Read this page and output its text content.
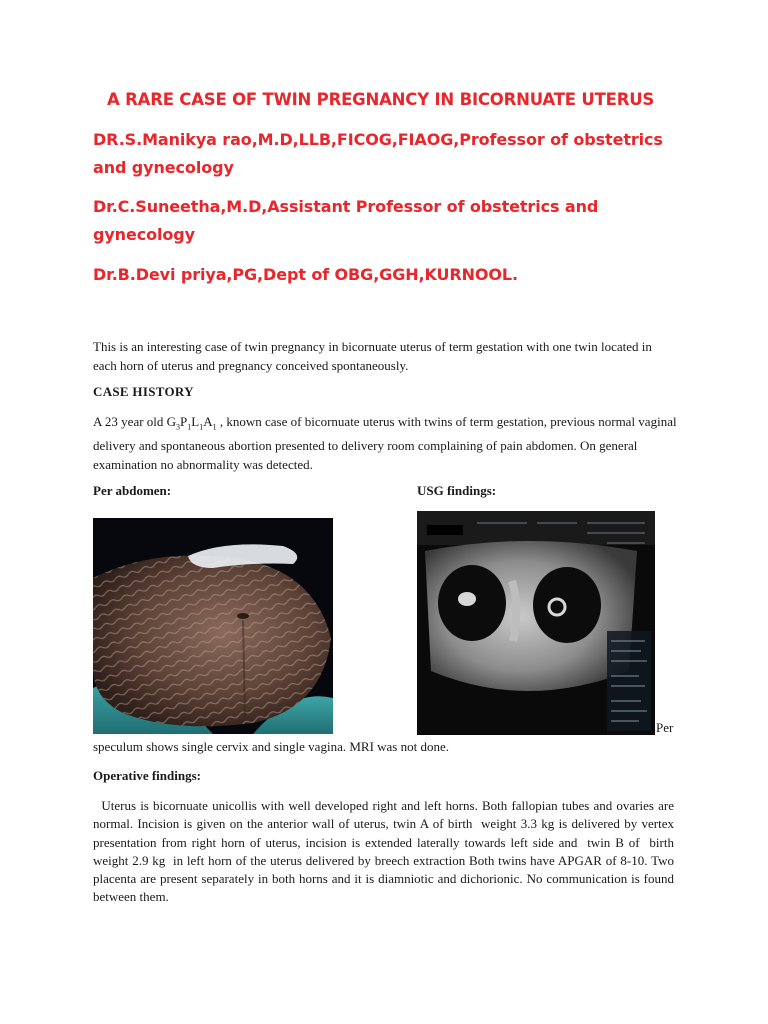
A RARE CASE OF TWIN PREGNANCY IN BICORNUATE UTERUS

DR.S.Manikya rao,M.D,LLB,FICOG,FIAOG,Professor of obstetrics and gynecology

Dr.C.Suneetha,M.D,Assistant Professor of obstetrics and gynecology

Dr.B.Devi priya,PG,Dept of OBG,GGH,KURNOOL.

This is an interesting case of twin pregnancy in bicornuate uterus of term gestation with one twin located in each horn of uterus and pregnancy conceived spontaneously.

CASE HISTORY

A 23 year old $G_3P_1L_1A_1$ , known case of bicornuate uterus with twins of term gestation, previous normal vaginal delivery and spontaneous abortion presented to delivery room complaining of pain abdomen. On general examination no abnormality was detected.

Per abdomen:	USG findings:
Per

speculum shows single cervix and single vagina. MRI was not done.

Operative findings:

Uterus is bicornuate unicollis with well developed right and left horns. Both fallopian tubes and ovaries are normal. Incision is given on the anterior wall of uterus, twin A of birth  weight 3.3 kg is delivered by vertex presentation from right horn of uterus, incision is extended laterally towards left side and  twin B of  birth weight 2.9 kg  in left horn of the uterus delivered by breech extraction Both twins have APGAR of 8-10. Two placenta are present separately in both horns and it is diamniotic and dichorionic. No communication is found between them.
